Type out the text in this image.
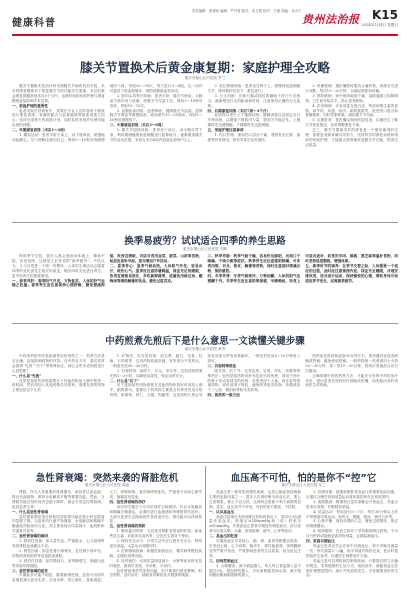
健康科普
责任编辑：张建伟 编辑：严丹青 版式：宋义燕 校对：王丽 美编：谷永宁
贵州法治报 K15
2024年2月4日 星期日
膝关节置换术后黄金康复期：家庭护理全攻略
重庆市璧山区中医院 罗兰

膝关节置换术是治疗终末期膝关节病的有效手段，术后的康复锻炼对于恢复膝关节的功能至关重要。术后的黄金康复期通常指术后3个月内，这段时间的家庭护理与康复锻炼直接影响手术效果。

一、家庭护理的重要性

患者出院后回到家中，需要在专业人员的指导下继续进行康复训练。家属的配合与监督能够帮助患者建立信心，坚持完成每天的训练计划，同时及时发现并处理可能出现的问题。

二、早期康复训练（术后1～2周）

1. 踝泵运动：患者平卧于床上，双下肢伸直，缓慢地勾起脚尖，尽力使脚尖朝向自己，保持5～10秒后再缓慢地向下踩，每组20～30次，每天进行3～4组。这一动作可促进下肢血液循环，预防深静脉血栓形成。

2. 股四头肌等长收缩：患者平卧，膝关节伸直，大腿前方肌肉用力收缩，使膝关节尽量下压，保持5～10秒后放松，每组10～15次。

3. 直腿抬高训练：患者仰卧，健侧膝关节屈曲，患侧膝关节伸直并缓慢抬高，离床面约15～20厘米，保持5～10秒后缓慢放下。

三、中期康复训练（术后3～6周）

1. 膝关节屈伸训练：患者坐于床边，双小腿自然下垂，利用健侧腿帮助患侧腿进行屈伸练习，逐渐增加膝关节的活动范围，争取在术后6周内屈曲达到90°以上。

2. 坐位伸膝训练：患者坐在椅子上，缓慢伸直患侧膝关节，保持数秒后放下，重复进行。

3. 行走训练：在助行器或拐杖的辅助下进行行走练习，逐渐增加行走的距离和时间，注意保持正确的行走姿势。

四、后期康复训练（术后7周～3个月）

此阶段可进行上下楼梯训练、静蹲训练以及固定自行车等训练，以增强下肢肌肉力量，提高关节稳定性。上楼梯时先迈健侧腿，下楼梯时先迈患侧腿。

五、家庭护理注意事项

1. 伤口护理：保持伤口清洁干燥，观察有无红肿、渗液等异常情况，如有异常应及时就医。

2. 疼痛管理：遵医嘱按时服用止痛药物，训练后可进行冰敷，每次15～20分钟，以减轻肿胀和疼痛。

3. 预防跌倒：家中保持地面干燥，清除通道上的障碍物，卫生间安装扶手，防止患者跌倒。

4. 饮食调理：多食用富含蛋白质、钙质和维生素的食物，如牛奶、鸡蛋、鱼肉、新鲜蔬果等，促进伤口愈合和骨骼健康，同时控制体重，减轻膝关节负担。

5. 定期复查：按医嘱定期到医院复查，以便医生了解关节恢复情况，及时调整康复方案。

总之，膝关节置换术后的康复是一个循序渐进的过程，需要患者和家属共同努力，坚持科学的康复训练和细致的家庭护理，才能最大程度地恢复膝关节功能，提高生活质量。

换季易疲劳？试试适合四季的养生思路
重庆市璧山区人民医院 刘林

每到季节交替，很多人都会感到身体疲乏、精神不振、容易犯困，这就是人们常说的“换季疲劳”。中医认为，人与自然是一个统一的整体，人体的生理活动会随着四季的变化而发生相应的改变，顺应四时变化进行养生，是中医养生的重要原则。

一、春季养肝：春季阳气升发，万物复苏，人体的肝气也随之旺盛。春季养生应注意保持心情舒畅，避免情绪抑郁，饮食宜清淡，可适当食用韭菜、菠菜、山药等食物，起居应夜卧早起，适当增加户外活动。

二、夏季养心：夏季气候炎热，人体阳气外发，容易出汗，耗伤心气。夏季应注意防暑降温，保证充足的睡眠，饮食宜清淡易消化，多吃新鲜蔬果，适量饮用绿豆汤、酸梅汤等清热解暑的饮品，避免过度贪凉。

三、秋季养肺：秋季气候干燥，容易伤及肺阴，出现口干咽燥、干咳少痰等症状。秋季养生应注意滋阴润燥，可多食用梨、百合、银耳、蜂蜜等食物，同时注意适时增减衣物，预防感冒。

四、冬季养肾：冬季气候寒冷，万物闭藏，人体的阳气也潜藏于内。冬季养生应注意防寒保暖，早睡晚起，饮食上可适当进补，如食用羊肉、核桃、黑芝麻等温补食物，同时坚持适度锻炼，增强体质。

五、换季时节的调养：在季节交替之际，人体需要一个适应的过程，此时应注意规律作息，保证充足睡眠，合理安排饮食，适当进行运动，保持愉悦的心情，帮助身体尽快适应季节变化，远离换季疲劳。

中药煎煮先煎后下是什么意思一文读懂关键步骤
重庆市璧山区中医院 黄青

中药汤剂是中医临床最常用的剂型之一，煎煮方法是否正确，直接影响药物的疗效。在中药处方中，我们常常会看到“先煎”“后下”等特殊标注，那么这些术语到底是什么意思呢？

一、什么是“先煎”

先煎是指某些药物需要先于其他药物放入锅中煎煮一段时间，然后再加入其他药物共同煎煮。需要先煎的药物主要包括以下几类：

1. 矿物类、贝壳类药物：如石膏、磁石、龙骨、牡蛎、石决明等，这类药物质地坚硬，有效成分不易煎出，一般需先煎20～30分钟。

2. 有毒药物：如附子、川乌、草乌等，这类药物需要先煎1～2小时，以降低其毒性，保证用药安全。

二、什么是“后下”

后下是指某些药物需要在其他药物快煎好时再放入锅中，稍煎即可。需要后下的药物主要是含有挥发性成分的药物，如薄荷、砂仁、豆蔻、钩藤等，这类药物久煎会导致有效成分挥发或被破坏，一般在煎好前5～10分钟放入即可。

三、其他特殊煎法

除先煎、后下外，还有包煎、另煎、烊化、冲服等特殊煎法。包煎是将药物用纱布包好后再煎煮，适用于细小的种子类或有绒毛的药物；另煎适用于人参、西洋参等贵重药物；烊化适用于阿胶、鹿角胶等胶类药物；冲服适用于三七粉、琥珀粉等粉末类药物。

四、煎药的一般方法

煎药前先将药物浸泡30分钟左右，煎药器具宜选用砂锅或瓷锅，避免使用铁锅。一般药物第一煎煮沸后小火煎20～30分钟，第二煎15～20分钟，将两次煎液混合后分次服用。

正确掌握中药的煎煮方法，才能充分发挥中药的治疗作用，建议患者在煎药时仔细阅读医嘱，如有疑问及时咨询医生或药师。

急性肾衰竭：突然来袭的肾脏危机
重庆市璧山区人民医院 周丽

肾脏，作为人体重要的排泄器官，承担着过滤血液、排出代谢废物、维持水电解质平衡等重要功能。然而，当肾脏功能在短时间内急剧下降时，就会引发急性肾衰竭，危及患者生命。

一、什么是急性肾衰竭

急性肾衰竭是指各种原因导致肾功能在数小时至数周内急剧下降，以致体内代谢产物潴留、水电解质和酸碱平衡紊乱的临床综合征。其主要表现为尿量减少、血肌酐和尿素氮升高等。

二、急性肾衰竭的病因

1. 肾前性因素：如大量失血、严重脱水、心力衰竭等导致肾脏血流灌注不足。

2. 肾性因素：如急性肾小球肾炎、急性肾小管坏死、药物或毒物损伤等直接损害肾脏。

3. 肾后性因素：如尿路结石、前列腺增生、肿瘤压迫等导致尿路梗阻。

三、急性肾衰竭的症状

早期症状可能不明显，随着病情进展，患者可出现尿量明显减少甚至无尿、全身水肿、恶心呕吐、食欲减退、乏力、呼吸困难、意识障碍等症状，严重者可出现心律失常、抽搐甚至昏迷。

四、急性肾衰竭的治疗

治疗的关键在于尽早识别并去除病因，纠正水电解质和酸碱平衡紊乱，必要时进行血液透析等肾脏替代治疗。大部分患者在去除病因并及时治疗后，肾功能可以得到恢复。

五、急性肾衰竭的预防

1. 避免滥用药物：尤其是对肾脏有损害的药物，如某些抗生素、非甾体抗炎药等，应在医生指导下使用。

2. 保持充足水分：日常生活中应注意补充水分，特别是在高温、大量运动或腹泻时。

3. 控制基础疾病：积极控制高血压、糖尿病等慢性疾病，定期检查肾功能。

4. 及时就医：出现尿量明显减少、水肿等症状时应及时就医，做到早发现、早诊断、早治疗。

急性肾衰竭虽然来势凶猛，但只要我们提高警惕，科学预防，及时治疗，就能有效降低其对健康的威胁。

血压高不可怕，怕的是你不“控”它
重庆市璧山区人民医院 吴兰

高血压是一种常见的慢性疾病，也是心脑血管疾病最主要的危险因素之一。很多人在被诊断为高血压后，要么过度紧张，要么不以为然，这两种态度都不利于病情的控制。其实，血压高并不可怕，可怕的是不重视、不控制。

一、认识高血压

高血压是指在未使用降压药物的情况下，非同日3次测量诊室血压，收缩压≥140mmHg和（或）舒张压≥90mmHg。多数高血压患者早期没有明显症状，部分患者可出现头晕、头痛、颈项板紧、疲劳、心悸等症状。

二、高血压的危害

长期高血压可导致心、脑、肾、血管等靶器官损害，引发冠心病、心力衰竭、脑卒中、肾功能衰竭、视网膜病变等严重并发症，严重影响患者的生活质量，甚至危及生命。

三、如何控制血压

1. 合理膳食：减少钠盐摄入，每人每日食盐摄入量不超过5克；增加钾的摄入，多吃新鲜蔬菜和水果；减少饱和脂肪酸和胆固醇的摄入。

2. 控制体重：超重和肥胖是高血压的重要危险因素，应通过合理饮食和适量运动将体重控制在正常范围内。

3. 戒烟限酒：吸烟和过量饮酒都会升高血压，高血压患者应戒烟，并限制饮酒量。

4. 适量运动：每周进行5～7次、每次30分钟以上的中等强度有氧运动，如快走、慢跑、游泳、骑自行车等。

5. 心理平衡：保持乐观的心态，避免过度紧张、焦虑和情绪激动。

6. 规律服药：在医生指导下坚持服用降压药物，不可自行停药或随意更改药物剂量，定期监测血压。

四、家庭自测血压

高血压患者应学会在家中自测血压，每天早晚各测量一次，每次测量2～3遍，取平均值并做好记录，复诊时提供给医生参考，以便医生调整治疗方案。

高血压是可以预防和控制的疾病，只要我们树立正确的观念，坚持健康的生活方式，规范治疗，就能将血压控制在理想范围内，减少并发症的发生，享受健康美好的生活。
